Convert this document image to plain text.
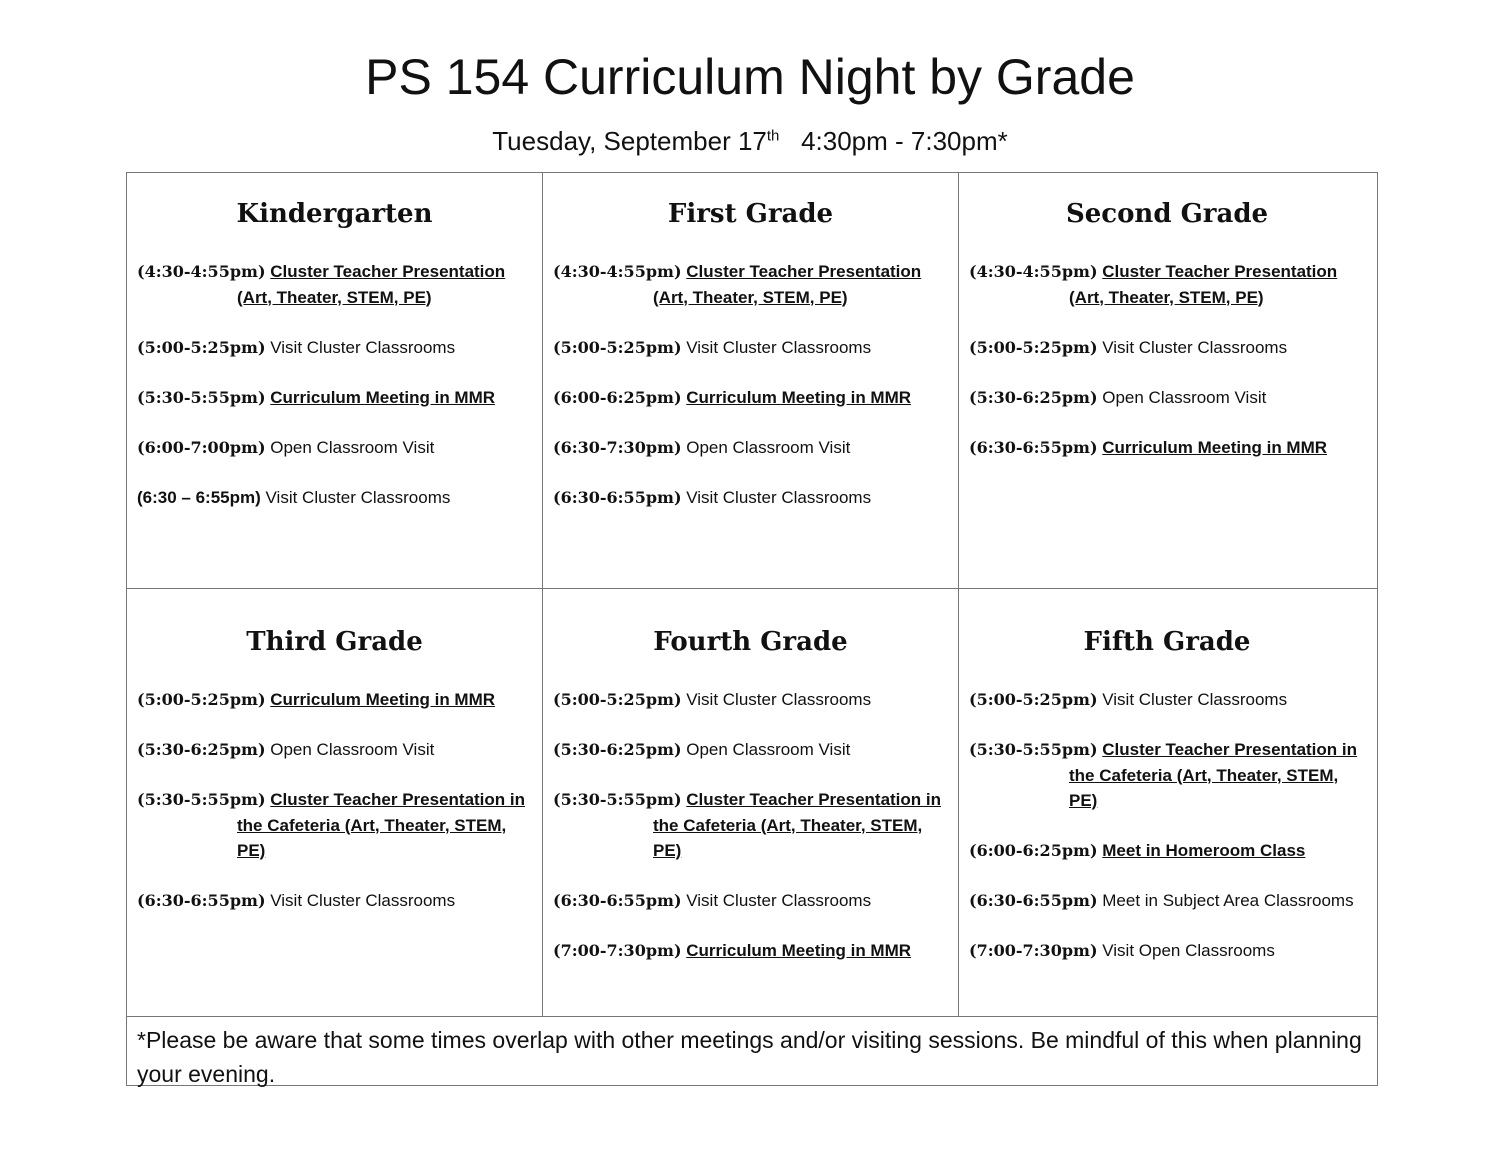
PS 154 Curriculum Night by Grade
Tuesday, September 17th 4:30pm - 7:30pm*
Kindergarten
(4:30-4:55pm) Cluster Teacher Presentation (Art, Theater, STEM, PE)
(5:00-5:25pm) Visit Cluster Classrooms
(5:30-5:55pm) Curriculum Meeting in MMR
(6:00-7:00pm) Open Classroom Visit
(6:30 – 6:55pm) Visit Cluster Classrooms
First Grade
(4:30-4:55pm) Cluster Teacher Presentation (Art, Theater, STEM, PE)
(5:00-5:25pm) Visit Cluster Classrooms
(6:00-6:25pm) Curriculum Meeting in MMR
(6:30-7:30pm) Open Classroom Visit
(6:30-6:55pm) Visit Cluster Classrooms
Second Grade
(4:30-4:55pm) Cluster Teacher Presentation (Art, Theater, STEM, PE)
(5:00-5:25pm) Visit Cluster Classrooms
(5:30-6:25pm) Open Classroom Visit
(6:30-6:55pm) Curriculum Meeting in MMR
Third Grade
(5:00-5:25pm) Curriculum Meeting in MMR
(5:30-6:25pm) Open Classroom Visit
(5:30-5:55pm) Cluster Teacher Presentation in the Cafeteria (Art, Theater, STEM, PE)
(6:30-6:55pm) Visit Cluster Classrooms
Fourth Grade
(5:00-5:25pm) Visit Cluster Classrooms
(5:30-6:25pm) Open Classroom Visit
(5:30-5:55pm) Cluster Teacher Presentation in the Cafeteria (Art, Theater, STEM, PE)
(6:30-6:55pm) Visit Cluster Classrooms
(7:00-7:30pm) Curriculum Meeting in MMR
Fifth Grade
(5:00-5:25pm) Visit Cluster Classrooms
(5:30-5:55pm) Cluster Teacher Presentation in the Cafeteria (Art, Theater, STEM, PE)
(6:00-6:25pm) Meet in Homeroom Class
(6:30-6:55pm) Meet in Subject Area Classrooms
(7:00-7:30pm) Visit Open Classrooms
*Please be aware that some times overlap with other meetings and/or visiting sessions. Be mindful of this when planning your evening.
